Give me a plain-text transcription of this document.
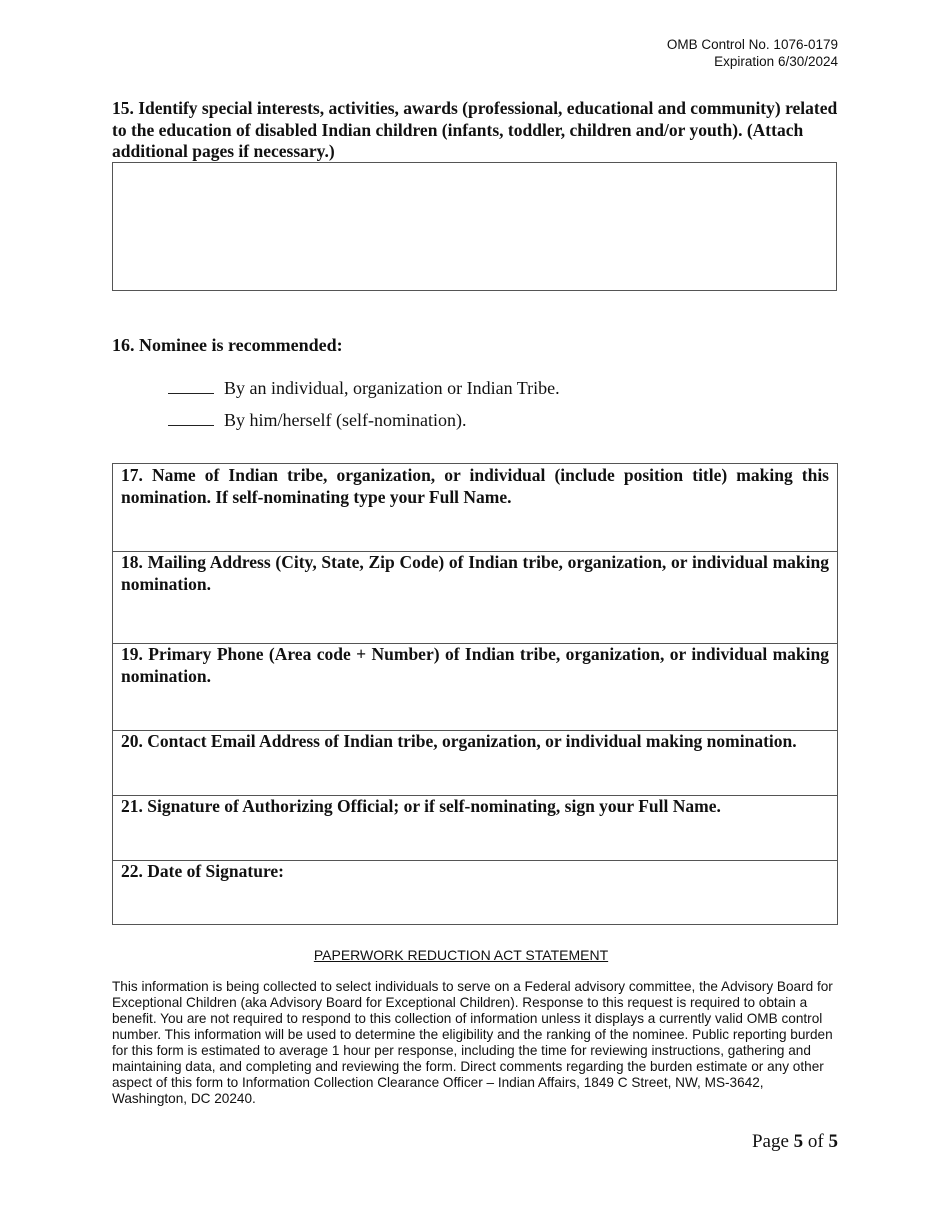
OMB Control No. 1076-0179
Expiration 6/30/2024
15. Identify special interests, activities, awards (professional, educational and community) related to the education of disabled Indian children (infants, toddler, children and/or youth). (Attach additional pages if necessary.)
16. Nominee is recommended:
By an individual, organization or Indian Tribe.
By him/herself (self-nomination).
17. Name of Indian tribe, organization, or individual (include position title) making this nomination. If self-nominating type your Full Name.
18. Mailing Address (City, State, Zip Code) of Indian tribe, organization, or individual making nomination.
19. Primary Phone (Area code + Number) of Indian tribe, organization, or individual making nomination.
20. Contact Email Address of Indian tribe, organization, or individual making nomination.
21. Signature of Authorizing Official; or if self-nominating, sign your Full Name.
22. Date of Signature:
PAPERWORK REDUCTION ACT STATEMENT
This information is being collected to select individuals to serve on a Federal advisory committee, the Advisory Board for Exceptional Children (aka Advisory Board for Exceptional Children). Response to this request is required to obtain a benefit. You are not required to respond to this collection of information unless it displays a currently valid OMB control number. This information will be used to determine the eligibility and the ranking of the nominee. Public reporting burden for this form is estimated to average 1 hour per response, including the time for reviewing instructions, gathering and maintaining data, and completing and reviewing the form. Direct comments regarding the burden estimate or any other aspect of this form to Information Collection Clearance Officer – Indian Affairs, 1849 C Street, NW, MS-3642, Washington, DC 20240.
Page 5 of 5
